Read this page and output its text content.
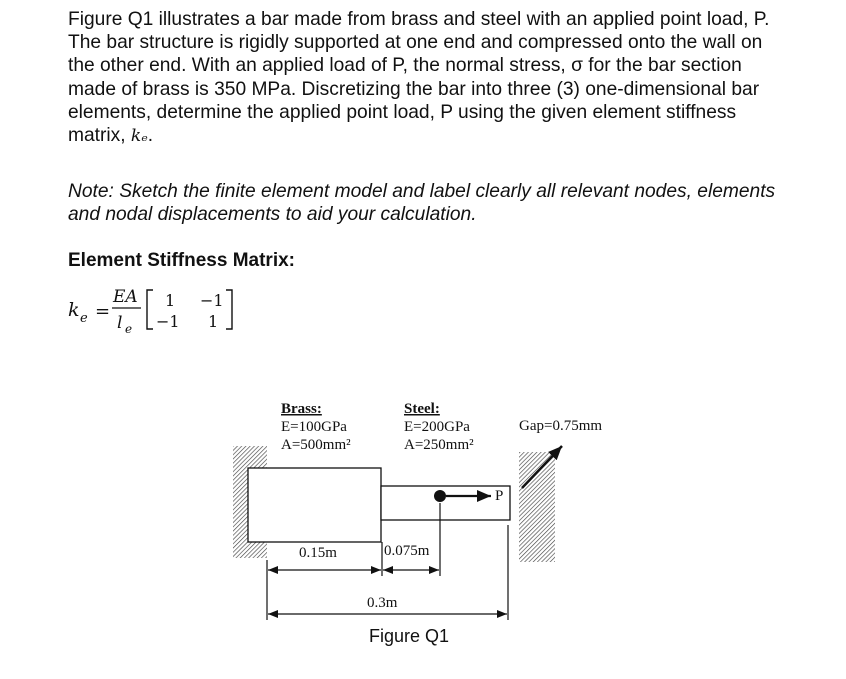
Figure Q1 illustrates a bar made from brass and steel with an applied point load, P. The bar structure is rigidly supported at one end and compressed onto the wall on the other end. With an applied load of P, the normal stress, σ for the bar section made of brass is 350 MPa. Discretizing the bar into three (3) one-dimensional bar elements, determine the applied point load, P using the given element stiffness matrix, kₑ.

Note: Sketch the finite element model and label clearly all relevant nodes, elements and nodal displacements to aid your calculation.

Element Stiffness Matrix:
k e =
EA
l e
1 −1
−1 1
Brass:
E=100GPa
A=500mm²
Steel:
E=200GPa
A=250mm²
Gap=0.75mm
P
0.15m	0.075m
0.3m
Figure Q1
